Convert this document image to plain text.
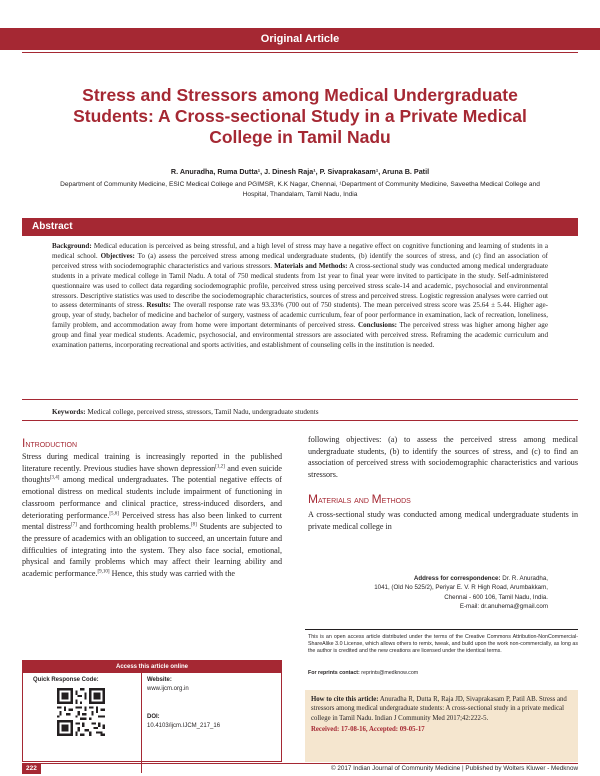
Original Article
Stress and Stressors among Medical Undergraduate Students: A Cross-sectional Study in a Private Medical College in Tamil Nadu
R. Anuradha, Ruma Dutta¹, J. Dinesh Raja¹, P. Sivaprakasam¹, Aruna B. Patil
Department of Community Medicine, ESIC Medical College and PGIMSR, K.K Nagar, Chennai, ¹Department of Community Medicine, Saveetha Medical College and Hospital, Thandalam, Tamil Nadu, India
Abstract
Background: Medical education is perceived as being stressful, and a high level of stress may have a negative effect on cognitive functioning and learning of students in a medical school. Objectives: To (a) assess the perceived stress among medical undergraduate students, (b) identify the sources of stress, and (c) find an association of perceived stress with sociodemographic characteristics and various stressors. Materials and Methods: A cross-sectional study was conducted among medical undergraduate students in a private medical college in Tamil Nadu. A total of 750 medical students from 1st year to final year were invited to participate in the study. Self-administered questionnaire was used to collect data regarding sociodemographic profile, perceived stress using perceived stress scale-14 and academic, psychosocial and environmental stressors. Descriptive statistics was used to describe the sociodemographic characteristics, sources of stress and perceived stress. Logistic regression analyses were carried out to assess determinants of stress. Results: The overall response rate was 93.33% (700 out of 750 students). The mean perceived stress score was 25.64 ± 5.44. Higher age-group, year of study, bachelor of medicine and bachelor of surgery, vastness of academic curriculum, fear of poor performance in examination, lack of recreation, loneliness, family problem, and accommodation away from home were important determinants of perceived stress. Conclusions: The perceived stress was higher among higher age group and final year medical students. Academic, psychosocial, and environmental stressors are associated with perceived stress. Reframing the academic curriculum and examination patterns, incorporating recreational and sports activities, and establishment of counseling cells in the institution is needed.
Keywords: Medical college, perceived stress, stressors, Tamil Nadu, undergraduate students
Introduction
Stress during medical training is increasingly reported in the published literature recently. Previous studies have shown depression[1,2] and even suicide thoughts[3,4] among medical undergraduates. The potential negative effects of emotional distress on medical students include impairment of functioning in classroom performance and clinical practice, stress-induced disorders, and deteriorating performance.[5,6] Perceived stress has also been linked to current mental distress[7] and forthcoming health problems.[8] Students are subjected to the pressure of academics with an obligation to succeed, an uncertain future and difficulties of integrating into the system. They also face social, emotional, physical and family problems which may affect their learning ability and academic performance.[9,10] Hence, this study was carried with the
following objectives: (a) to assess the perceived stress among medical undergraduate students, (b) to identify the sources of stress, and (c) to find an association of perceived stress with sociodemographic characteristics and various stressors.
Materials and Methods
A cross-sectional study was conducted among medical undergraduate students in private medical college in
Access this article online
Quick Response Code:	Website:
www.ijcm.org.in
DOI:
10.4103/ijcm.IJCM_217_16
Address for correspondence: Dr. R. Anuradha,
1041, (Old No 525/2), Periyar E. V. R High Road, Arumbakkam,
Chennai - 600 106, Tamil Nadu, India.
E-mail: dr.anuhema@gmail.com
This is an open access article distributed under the terms of the Creative Commons Attribution-NonCommercial-ShareAlike 3.0 License, which allows others to remix, tweak, and build upon the work non-commercially, as long as the author is credited and the new creations are licensed under the identical terms.
For reprints contact: reprints@medknow.com
How to cite this article: Anuradha R, Dutta R, Raja JD, Sivaprakasam P, Patil AB. Stress and stressors among medical undergraduate students: A cross-sectional study in a private medical college in Tamil Nadu. Indian J Community Med 2017;42:222-5.
Received: 17-08-16, Accepted: 09-05-17
222	© 2017 Indian Journal of Community Medicine | Published by Wolters Kluwer - Medknow
